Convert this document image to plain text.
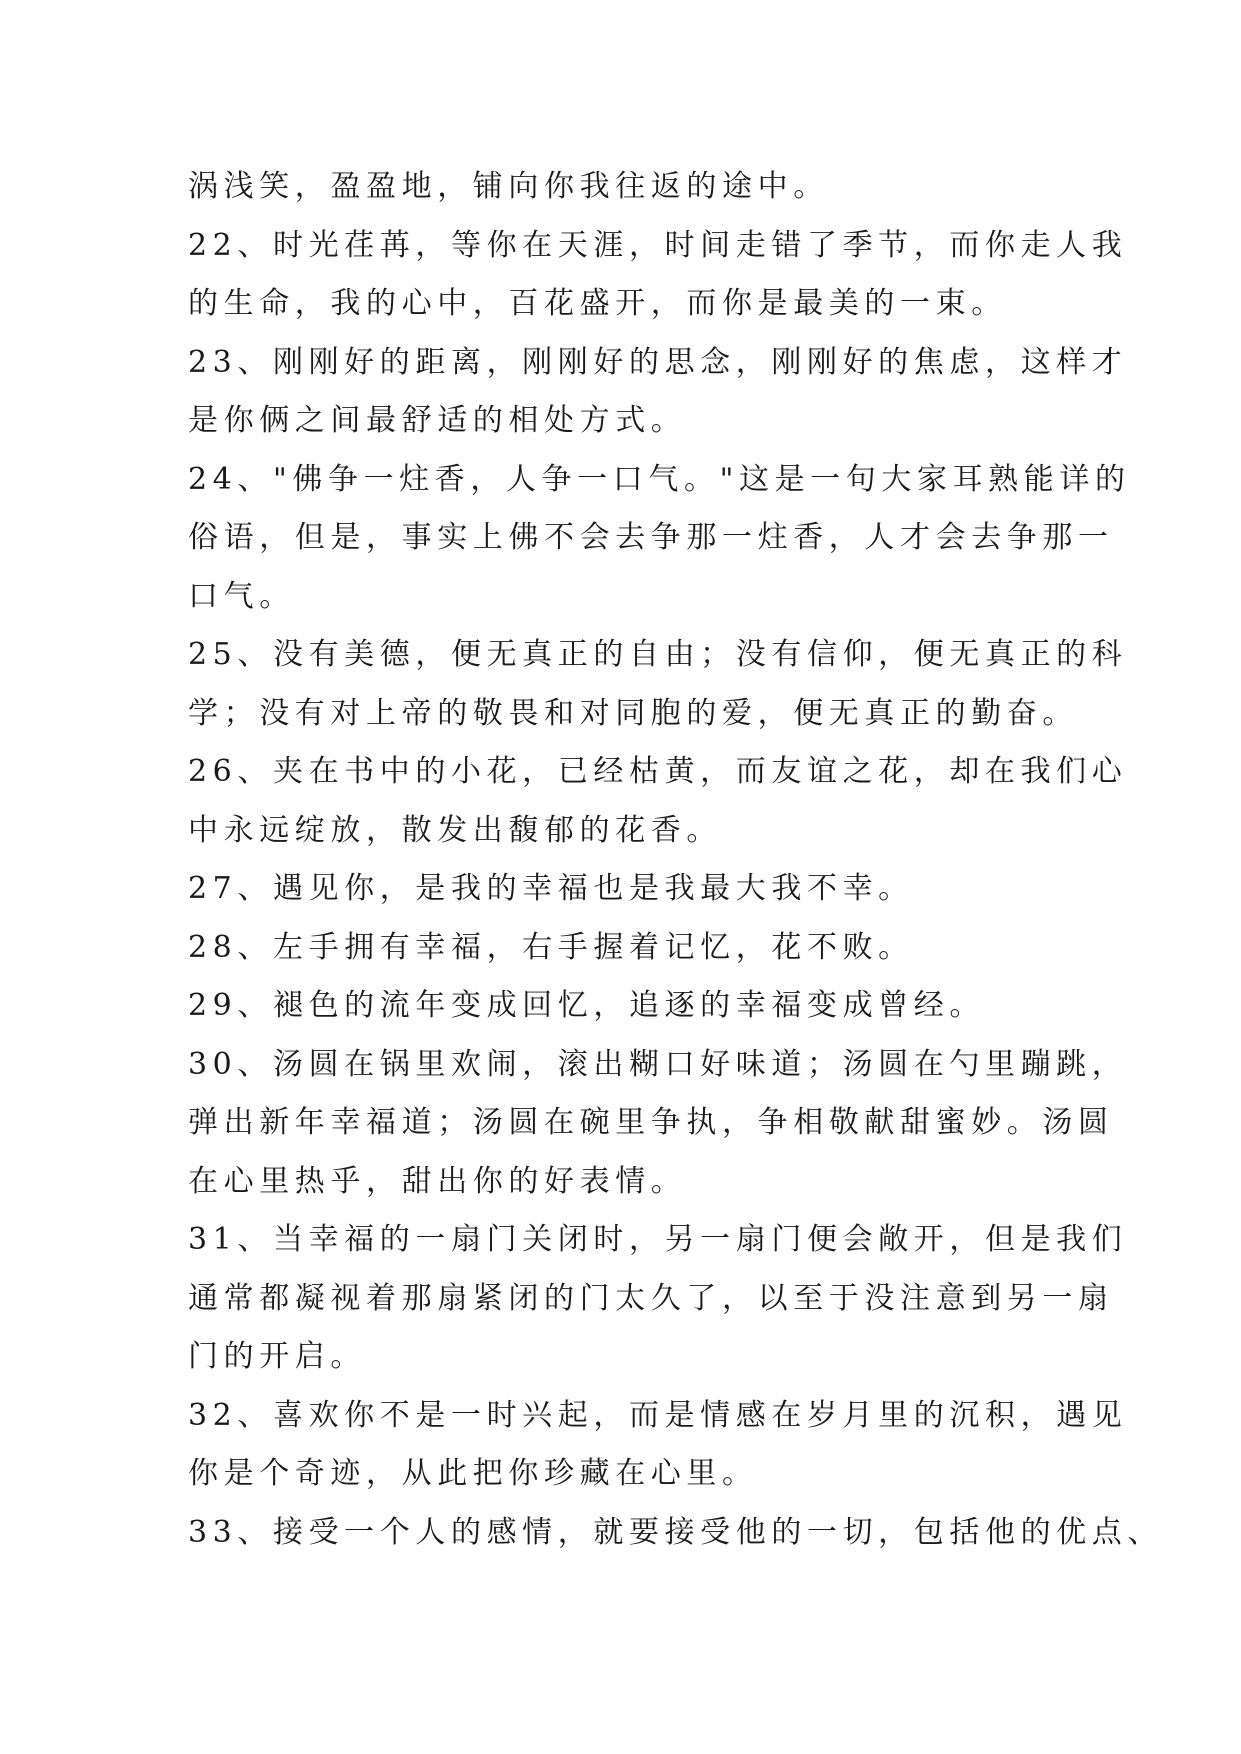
涡浅笑，盈盈地，铺向你我往返的途中。

22、时光荏苒，等你在天涯，时间走错了季节，而你走人我
的生命，我的心中，百花盛开，而你是最美的一束。

23、刚刚好的距离，刚刚好的思念，刚刚好的焦虑，这样才
是你俩之间最舒适的相处方式。

24、"佛争一炷香，人争一口气。"这是一句大家耳熟能详的
俗语，但是，事实上佛不会去争那一炷香，人才会去争那一
口气。

25、没有美德，便无真正的自由；没有信仰，便无真正的科
学；没有对上帝的敬畏和对同胞的爱，便无真正的勤奋。

26、夹在书中的小花，已经枯黄，而友谊之花，却在我们心
中永远绽放，散发出馥郁的花香。

27、遇见你，是我的幸福也是我最大我不幸。

28、左手拥有幸福，右手握着记忆，花不败。

29、褪色的流年变成回忆，追逐的幸福变成曾经。

30、汤圆在锅里欢闹，滚出糊口好味道；汤圆在勺里蹦跳，
弹出新年幸福道；汤圆在碗里争执，争相敬献甜蜜妙。汤圆
在心里热乎，甜出你的好表情。

31、当幸福的一扇门关闭时，另一扇门便会敞开，但是我们
通常都凝视着那扇紧闭的门太久了，以至于没注意到另一扇
门的开启。

32、喜欢你不是一时兴起，而是情感在岁月里的沉积，遇见
你是个奇迹，从此把你珍藏在心里。

33、接受一个人的感情，就要接受他的一切，包括他的优点、
